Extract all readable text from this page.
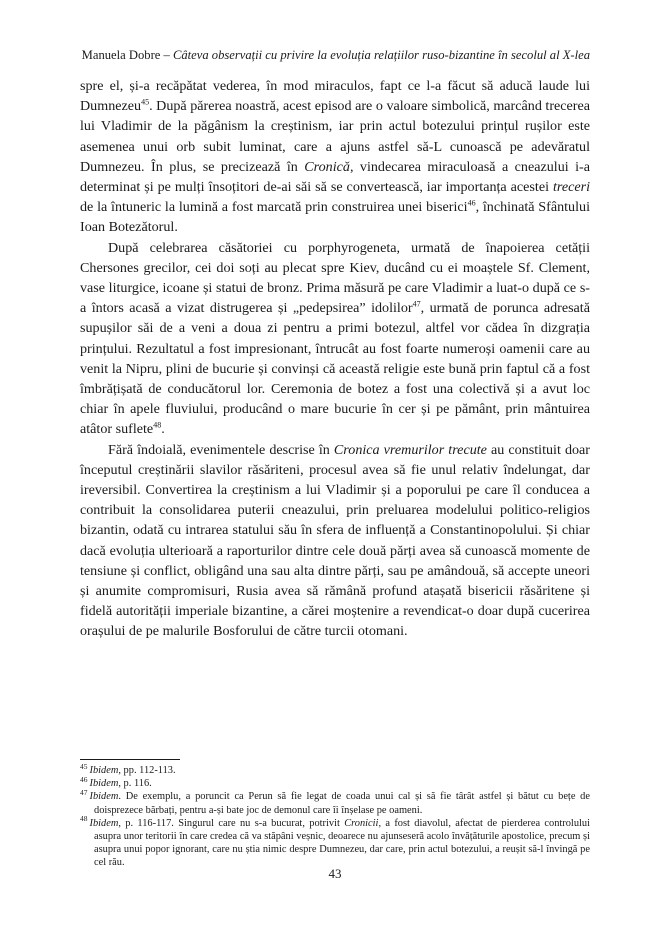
Manuela Dobre – Câteva observații cu privire la evoluția relațiilor ruso-bizantine în secolul al X-lea

spre el, și-a recăpătat vederea, în mod miraculos, fapt ce l-a făcut să aducă laude lui Dumnezeu$^{45}$. După părerea noastră, acest episod are o valoare simbolică, marcând trecerea lui Vladimir de la păgânism la creștinism, iar prin actul botezului prințul rușilor este asemenea unui orb subit luminat, care a ajuns astfel să-L cunoască pe adevăratul Dumnezeu. În plus, se precizează în Cronică, vindecarea miraculoasă a cneazului i-a determinat și pe mulți însoțitori de-ai săi să se convertească, iar importanța acestei treceri de la întuneric la lumină a fost marcată prin construirea unei biserici$^{46}$, închinată Sfântului Ioan Botezătorul.

După celebrarea căsătoriei cu porphyrogeneta, urmată de înapoierea cetății Chersones grecilor, cei doi soți au plecat spre Kiev, ducând cu ei moaștele Sf. Clement, vase liturgice, icoane și statui de bronz. Prima măsură pe care Vladimir a luat-o după ce s-a întors acasă a vizat distrugerea și „pedepsirea” idolilor$^{47}$, urmată de porunca adresată supușilor săi de a veni a doua zi pentru a primi botezul, altfel vor cădea în dizgrația prințului. Rezultatul a fost impresionant, întrucât au fost foarte numeroși oamenii care au venit la Nipru, plini de bucurie și convinși că această religie este bună prin faptul că a fost îmbrățișată de conducătorul lor. Ceremonia de botez a fost una colectivă și a avut loc chiar în apele fluviului, producând o mare bucurie în cer și pe pământ, prin mântuirea atâtor suflete$^{48}$.

Fără îndoială, evenimentele descrise în Cronica vremurilor trecute au constituit doar începutul creștinării slavilor răsăriteni, procesul avea să fie unul relativ îndelungat, dar ireversibil. Convertirea la creștinism a lui Vladimir și a poporului pe care îl conducea a contribuit la consolidarea puterii cneazului, prin preluarea modelului politico-religios bizantin, odată cu intrarea statului său în sfera de influență a Constantinopolului. Și chiar dacă evoluția ulterioară a raporturilor dintre cele două părți avea să cunoască momente de tensiune și conflict, obligând una sau alta dintre părți, sau pe amândouă, să accepte uneori și anumite compromisuri, Rusia avea să rămână profund atașată bisericii răsăritene și fidelă autorității imperiale bizantine, a cărei moștenire a revendicat-o doar după cucerirea orașului de pe malurile Bosforului de către turcii otomani.

$^{45}$ Ibidem, pp. 112-113.

$^{46}$ Ibidem, p. 116.

$^{47}$ Ibidem. De exemplu, a poruncit ca Perun să fie legat de coada unui cal și să fie târât astfel și bătut cu bețe de doisprezece bărbați, pentru a-și bate joc de demonul care îi înșelase pe oameni.

$^{48}$ Ibidem, p. 116-117. Singurul care nu s-a bucurat, potrivit Cronicii, a fost diavolul, afectat de pierderea controlului asupra unor teritorii în care credea că va stăpâni veșnic, deoarece nu ajunseseră acolo învățăturile apostolice, precum și asupra unui popor ignorant, care nu știa nimic despre Dumnezeu, dar care, prin actul botezului, a reușit să-l învingă pe cel rău.

43
